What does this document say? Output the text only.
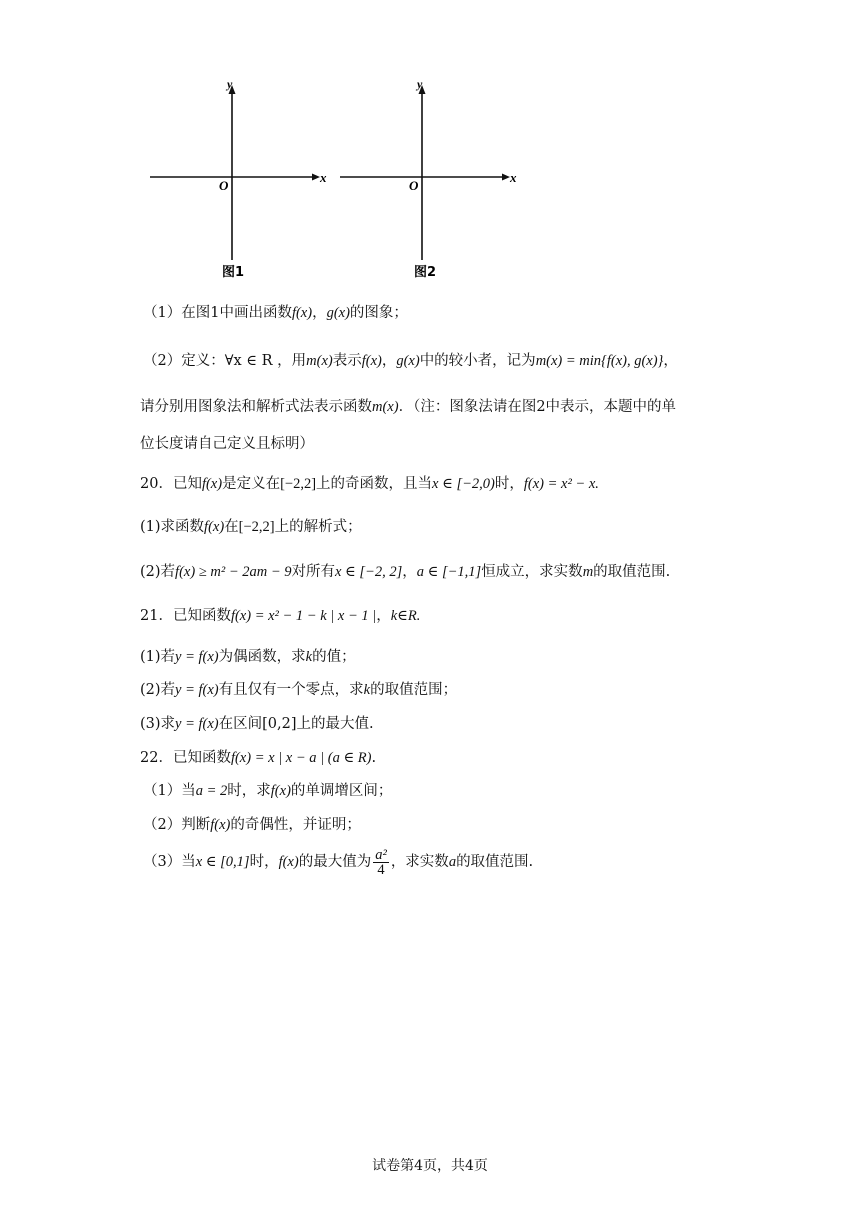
y
x
O
图1
y
x
O
图2
（1）在图1中画出函数f(x)，g(x)的图象；
（2）定义：∀x ∈ R ，用m(x)表示f(x)，g(x)中的较小者，记为m(x) = min{f(x), g(x)}，
请分别用图象法和解析式法表示函数m(x)．（注：图象法请在图2中表示，本题中的单
位长度请自己定义且标明）
20．已知f(x)是定义在[−2,2]上的奇函数，且当x ∈ [−2,0)时，f(x) = x² − x.
(1)求函数f(x)在[−2,2]上的解析式；
(2)若f(x) ≥ m² − 2am − 9对所有x ∈ [−2, 2]，a ∈ [−1,1]恒成立，求实数m的取值范围.
21．已知函数f(x) = x² − 1 − k | x − 1 |，k∈R.
(1)若y = f(x)为偶函数，求k的值；
(2)若y = f(x)有且仅有一个零点，求k的取值范围；
(3)求y = f(x)在区间[0,2]上的最大值.
22．已知函数f(x) = x | x − a | (a ∈ R).
（1）当a = 2时，求f(x)的单调增区间；
（2）判断f(x)的奇偶性，并证明；
（3）当x ∈ [0,1]时，f(x)的最大值为 $\frac{\text{a²}}{4}$ ，求实数a的取值范围.
试卷第4页，共4页
